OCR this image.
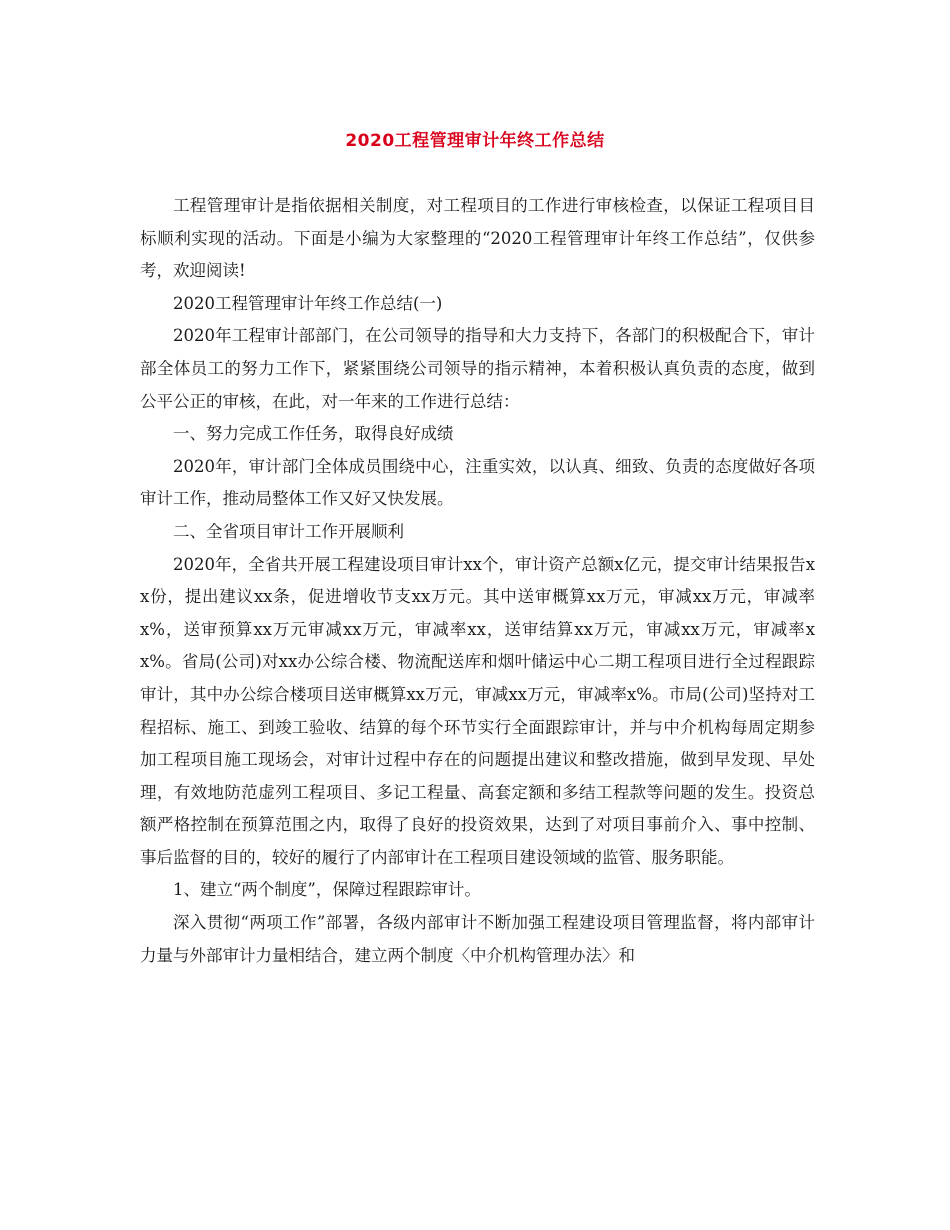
2020工程管理审计年终工作总结

工程管理审计是指依据相关制度，对工程项目的工作进行审核检查，以保证工程项目目标顺利实现的活动。下面是小编为大家整理的“2020工程管理审计年终工作总结”，仅供参考，欢迎阅读!

2020工程管理审计年终工作总结(一)

2020年工程审计部部门，在公司领导的指导和大力支持下，各部门的积极配合下，审计部全体员工的努力工作下，紧紧围绕公司领导的指示精神，本着积极认真负责的态度，做到公平公正的审核，在此，对一年来的工作进行总结：

一、努力完成工作任务，取得良好成绩

2020年，审计部门全体成员围绕中心，注重实效，以认真、细致、负责的态度做好各项审计工作，推动局整体工作又好又快发展。

二、全省项目审计工作开展顺利

2020年，全省共开展工程建设项目审计xx个，审计资产总额x亿元，提交审计结果报告xx份，提出建议xx条，促进增收节支xx万元。其中送审概算xx万元，审减xx万元，审减率x%，送审预算xx万元审减xx万元，审减率xx，送审结算xx万元，审减xx万元，审减率xx%。省局(公司)对xx办公综合楼、物流配送库和烟叶储运中心二期工程项目进行全过程跟踪审计，其中办公综合楼项目送审概算xx万元，审减xx万元，审减率x%。市局(公司)坚持对工程招标、施工、到竣工验收、结算的每个环节实行全面跟踪审计，并与中介机构每周定期参加工程项目施工现场会，对审计过程中存在的问题提出建议和整改措施，做到早发现、早处理，有效地防范虚列工程项目、多记工程量、高套定额和多结工程款等问题的发生。投资总额严格控制在预算范围之内，取得了良好的投资效果，达到了对项目事前介入、事中控制、事后监督的目的，较好的履行了内部审计在工程项目建设领域的监管、服务职能。

1、建立“两个制度”，保障过程跟踪审计。

深入贯彻“两项工作”部署，各级内部审计不断加强工程建设项目管理监督，将内部审计力量与外部审计力量相结合，建立两个制度〈中介机构管理办法〉和
